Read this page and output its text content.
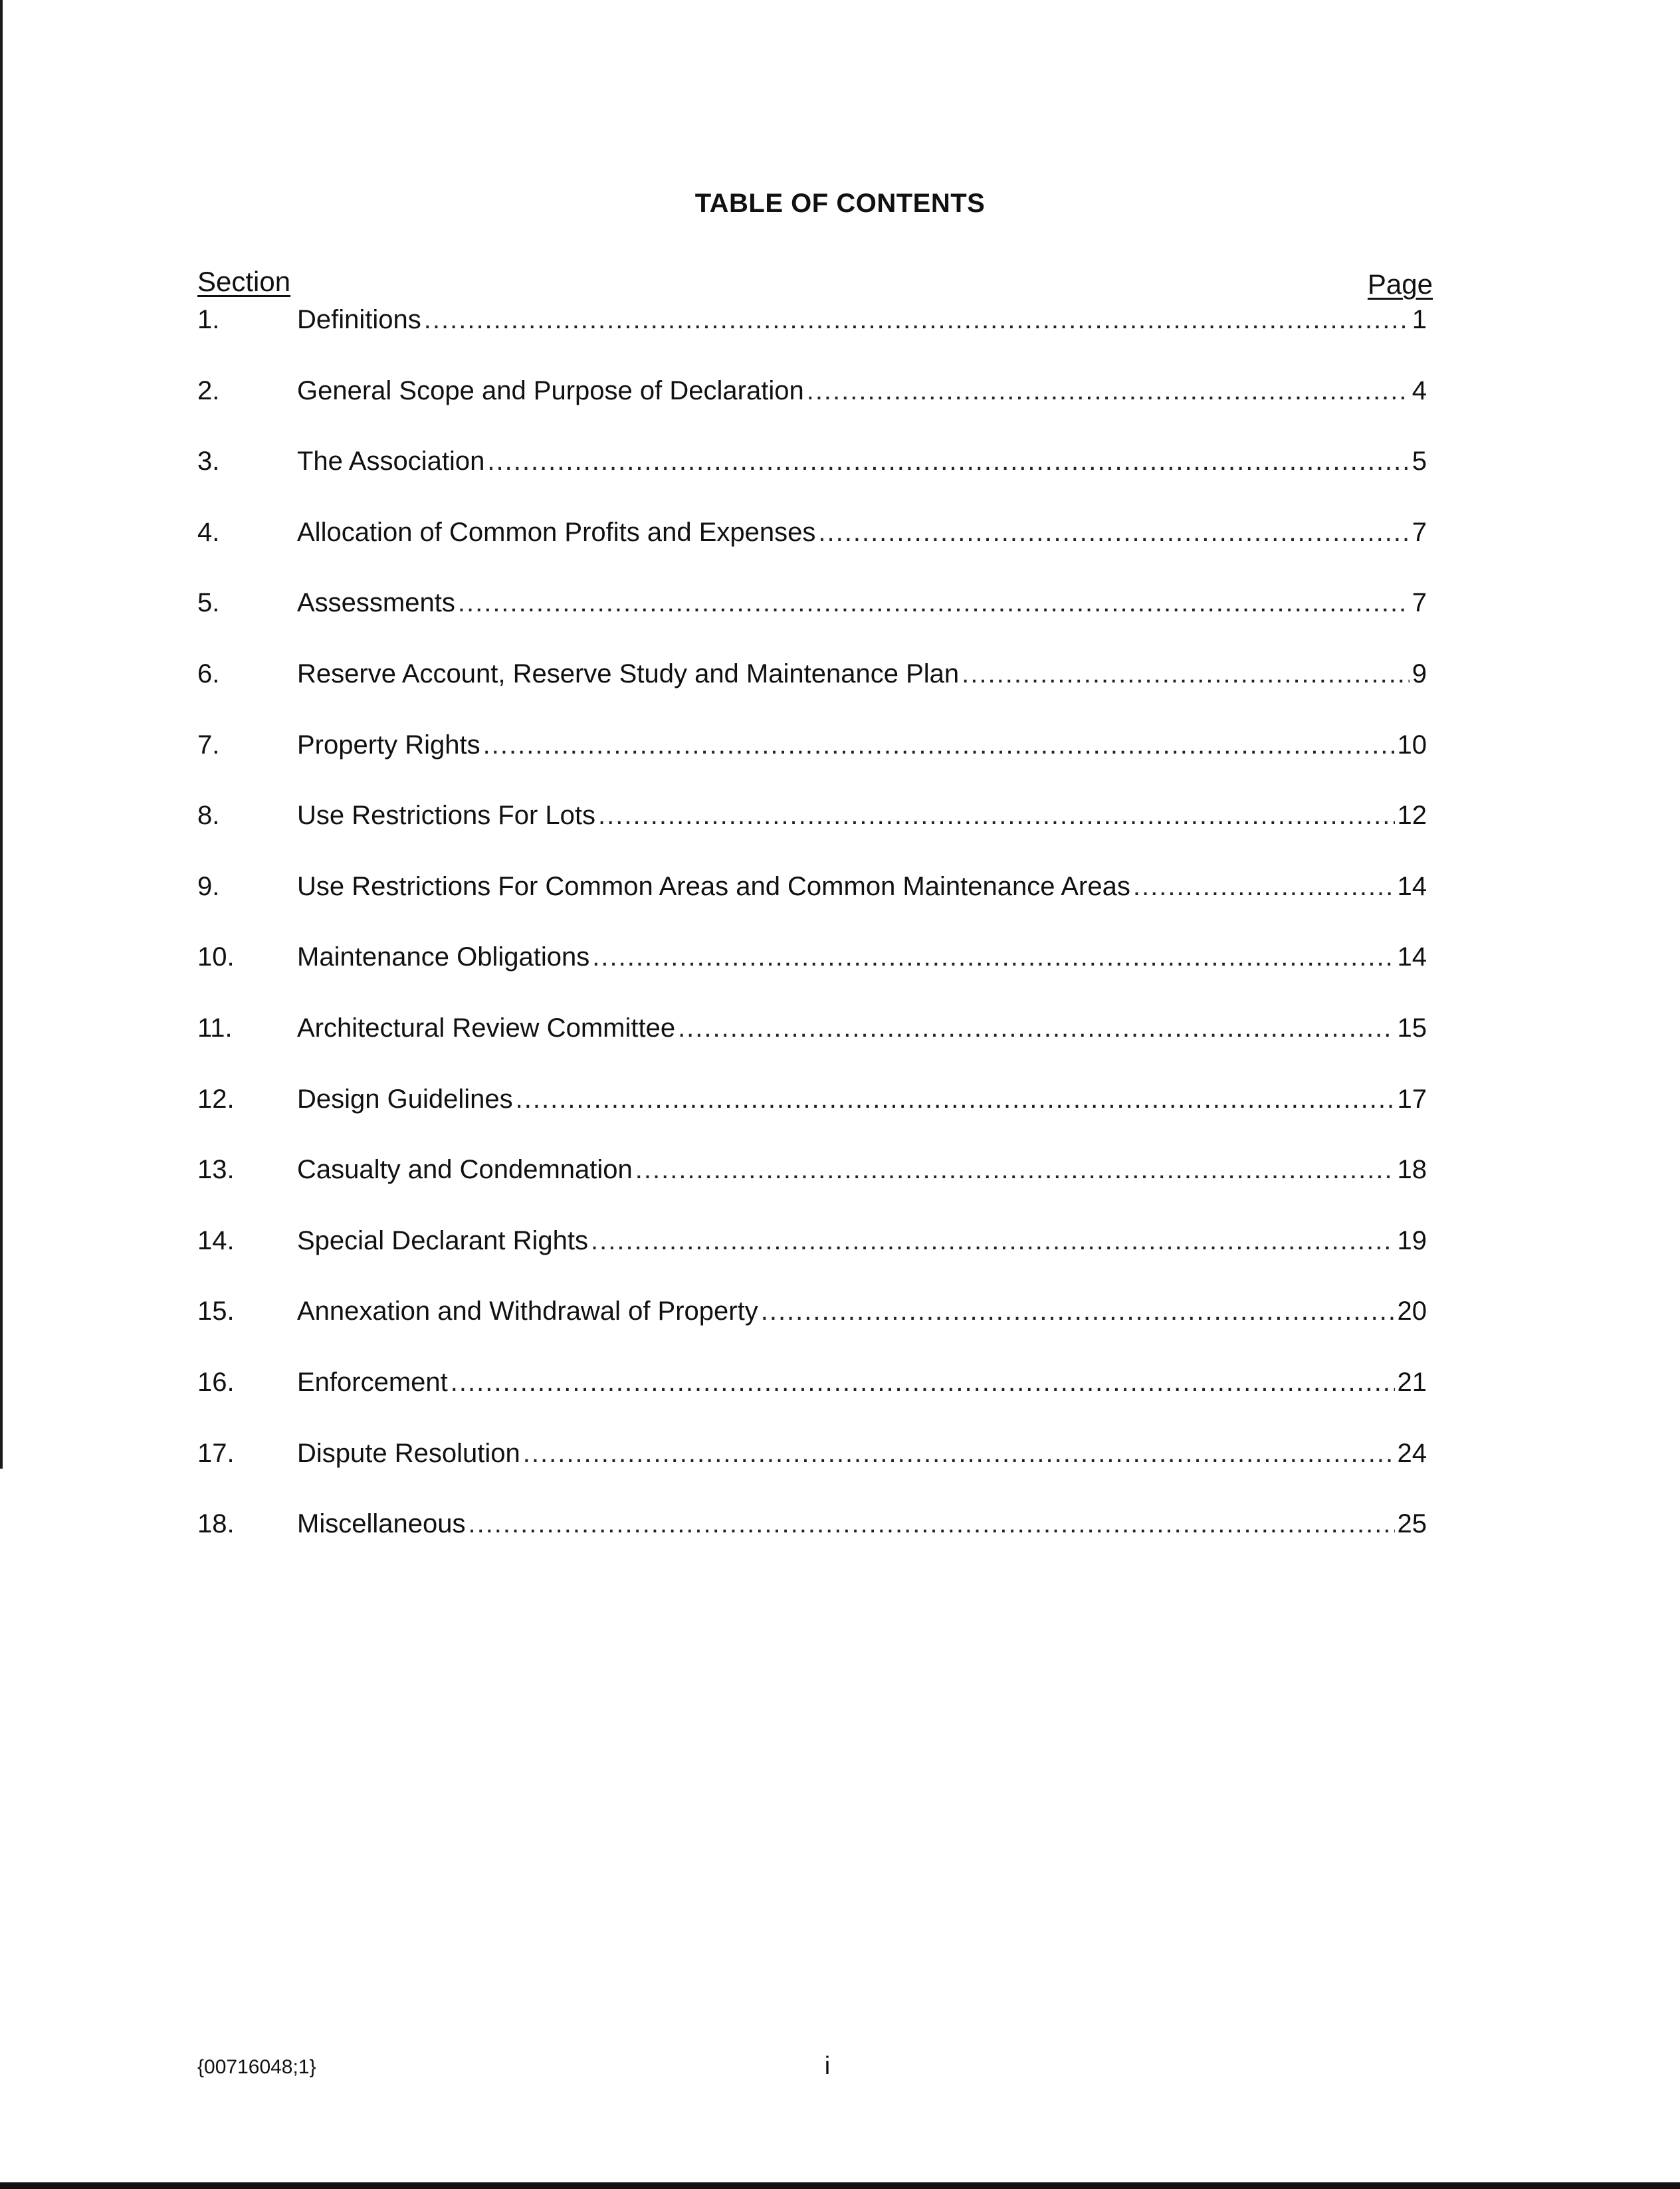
TABLE OF CONTENTS
Section	Page
1.	Definitions .....	1
2.	General Scope and Purpose of Declaration .....	4
3.	The Association .....	5
4.	Allocation of Common Profits and Expenses .....	7
5.	Assessments .....	7
6.	Reserve Account, Reserve Study and Maintenance Plan .....	9
7.	Property Rights .....	10
8.	Use Restrictions For Lots .....	12
9.	Use Restrictions For Common Areas and Common Maintenance Areas .....	14
10.	Maintenance Obligations .....	14
11.	Architectural Review Committee .....	15
12.	Design Guidelines .....	17
13.	Casualty and Condemnation .....	18
14.	Special Declarant Rights .....	19
15.	Annexation and Withdrawal of Property .....	20
16.	Enforcement .....	21
17.	Dispute Resolution .....	24
18.	Miscellaneous .....	25
{00716048;1}	i
